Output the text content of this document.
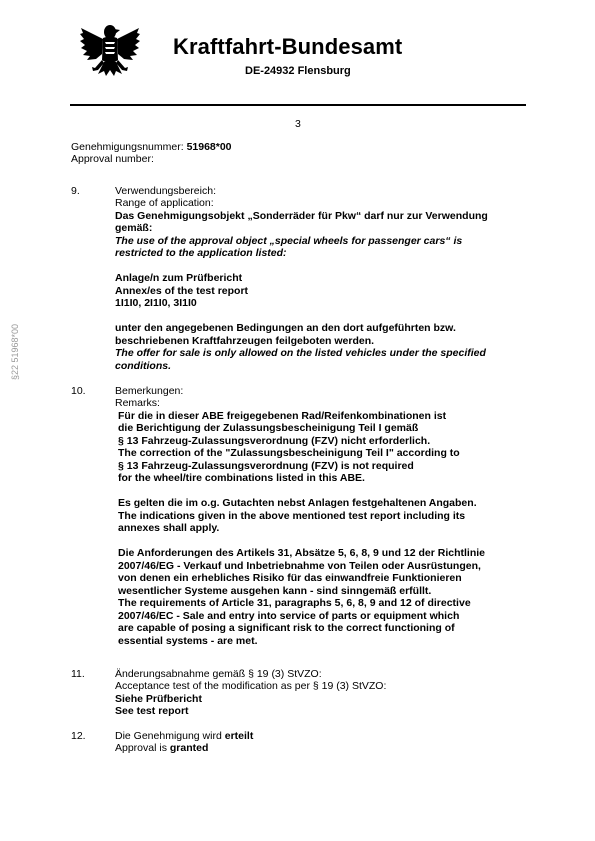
Kraftfahrt-Bundesamt
DE-24932 Flensburg
3
§22 51968*00
Genehmigungsnummer: 51968*00
Approval number:
9.	Verwendungsbereich:
Range of application:
Das Genehmigungsobjekt „Sonderräder für Pkw“ darf nur zur Verwendung
gemäß:
The use of the approval object „special wheels for passenger cars“ is
restricted to the application listed:
Anlage/n zum Prüfbericht
Annex/es of the test report
1I1I0, 2I1I0, 3I1I0
unter den angegebenen Bedingungen an den dort aufgeführten bzw.
beschriebenen Kraftfahrzeugen feilgeboten werden.
The offer for sale is only allowed on the listed vehicles under the specified
conditions.
10.	Bemerkungen:
Remarks:
Für die in dieser ABE freigegebenen Rad/Reifenkombinationen ist
die Berichtigung der Zulassungsbescheinigung Teil I gemäß
§ 13 Fahrzeug-Zulassungsverordnung (FZV) nicht erforderlich.
The correction of the "Zulassungsbescheinigung Teil I" according to
§ 13 Fahrzeug-Zulassungsverordnung (FZV) is not required
for the wheel/tire combinations listed in this ABE.
Es gelten die im o.g. Gutachten nebst Anlagen festgehaltenen Angaben.
The indications given in the above mentioned test report including its
annexes shall apply.
Die Anforderungen des Artikels 31, Absätze 5, 6, 8, 9 und 12 der Richtlinie
2007/46/EG - Verkauf und Inbetriebnahme von Teilen oder Ausrüstungen,
von denen ein erhebliches Risiko für das einwandfreie Funktionieren
wesentlicher Systeme ausgehen kann - sind sinngemäß erfüllt.
The requirements of Article 31, paragraphs 5, 6, 8, 9 and 12 of directive
2007/46/EC - Sale and entry into service of parts or equipment which
are capable of posing a significant risk to the correct functioning of
essential systems - are met.
11.	Änderungsabnahme gemäß § 19 (3) StVZO:
Acceptance test of the modification as per § 19 (3) StVZO:
Siehe Prüfbericht
See test report
12.	Die Genehmigung wird erteilt
Approval is granted
